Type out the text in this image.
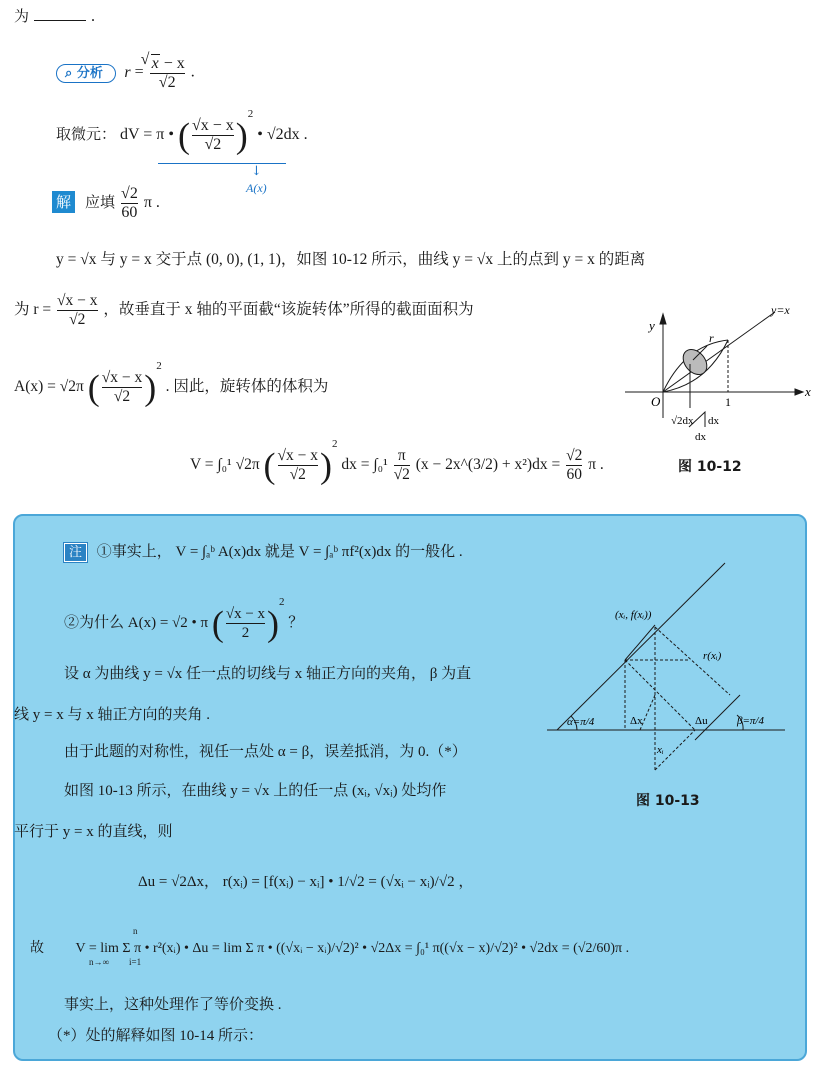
为	.
⌕ 分析 r =
√ $\frac{x - x}{√2}$ .
取微元： dV = π • ( $\frac{√x - x}{√2} )^2$ • √2dx .
↓
A(x)
解 应填 $\frac{√2}{60}$ π .
y = √x 与 y = x 交于点 (0, 0), (1, 1)，如图 10-12 所示，曲线 y = √x 上的点到 y = x 的距离
为 $r = \frac{√x - x}{√2}$ ，故垂直于 x 轴的平面截“该旋转体”所得的截面面积为
A(x) = √2π ( $\frac{√x - x}{√2} )^2$ . 因此，旋转体的体积为
V = ∫₀¹ √2π ( $\frac{√x - x}{√2} )^2$ dx = $\int_0^1 \frac{\pi}{√2} (x$ − 2x^(3/2) + $x^2)dx = \frac{√2}{60}$ π .
y
x
O	1
y=x
r
√2dx dx
dx
图 10-12
注 ①事实上， V = ∫ₐᵇ A(x)dx 就是 V = ∫ₐᵇ πf²(x)dx 的一般化 .
②为什么 A(x) = √2 • π ( $\frac{√x - x}{2} )^2$ ？
设 α 为曲线 y = √x 任一点的切线与 x 轴正方向的夹角， β 为直
线 y = x 与 x 轴正方向的夹角 .
由于此题的对称性，视任一点处 α = β，误差抵消，为 0.（*）
如图 10-13 所示，在曲线 y = √x 上的任一点 (xᵢ, √xᵢ) 处均作
平行于 y = x 的直线，则
Δu = √2Δx， r(xᵢ) = [f(xᵢ) − xᵢ] • 1/√2 = (√xᵢ − xᵢ)/√2 ，
故 V = lim Σ π • r²(xᵢ) • Δu = lim Σ π • ((√xᵢ − xᵢ)/√2)² • √2Δx = ∫₀¹ π((√x − x)/√2)² • √2dx = (√2/60)π .
n→∞
n
i=1
事实上，这种处理作了等价变换 .
（*）处的解释如图 10-14 所示：
(xᵢ, f(xᵢ))
r(xᵢ)
α=π/4	Δx	Δu	β=π/4
xᵢ
图 10-13
